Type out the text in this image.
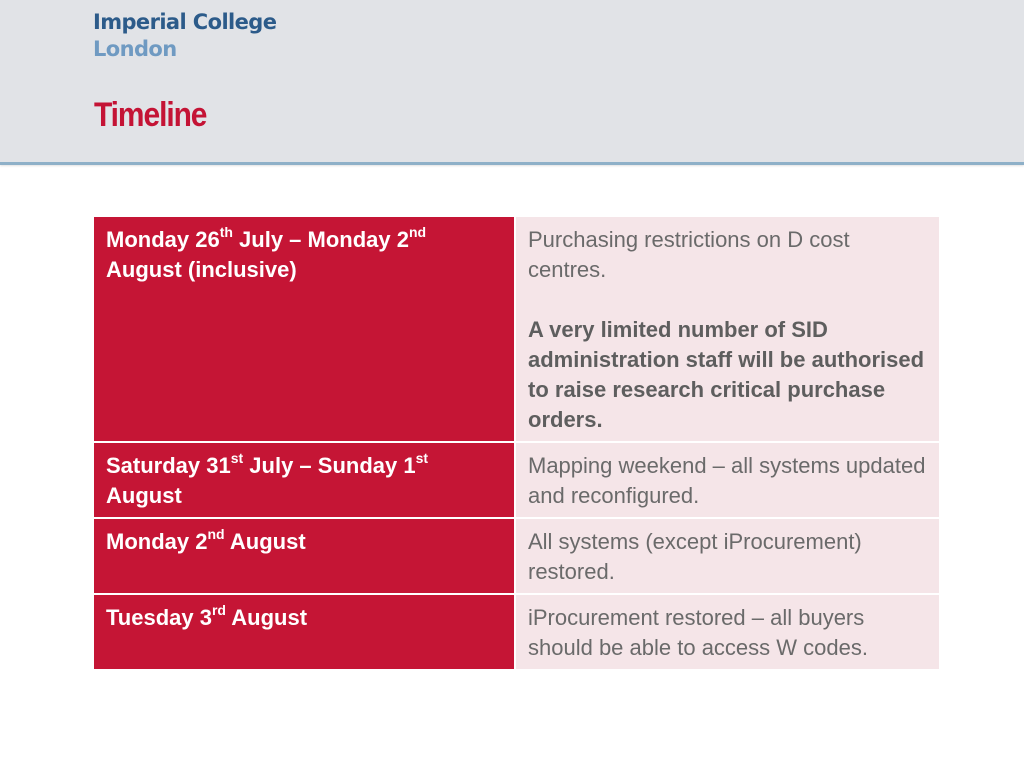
Imperial College
London
Timeline
Monday 26th July – Monday 2nd August (inclusive)	Purchasing restrictions on D cost centres.

A very limited number of SID administration staff will be authorised to raise research critical purchase orders.

Saturday 31st July – Sunday 1st August	Mapping weekend – all systems updated and reconfigured.

Monday 2nd August	All systems (except iProcurement) restored.

Tuesday 3rd August	iProcurement restored – all buyers should be able to access W codes.
